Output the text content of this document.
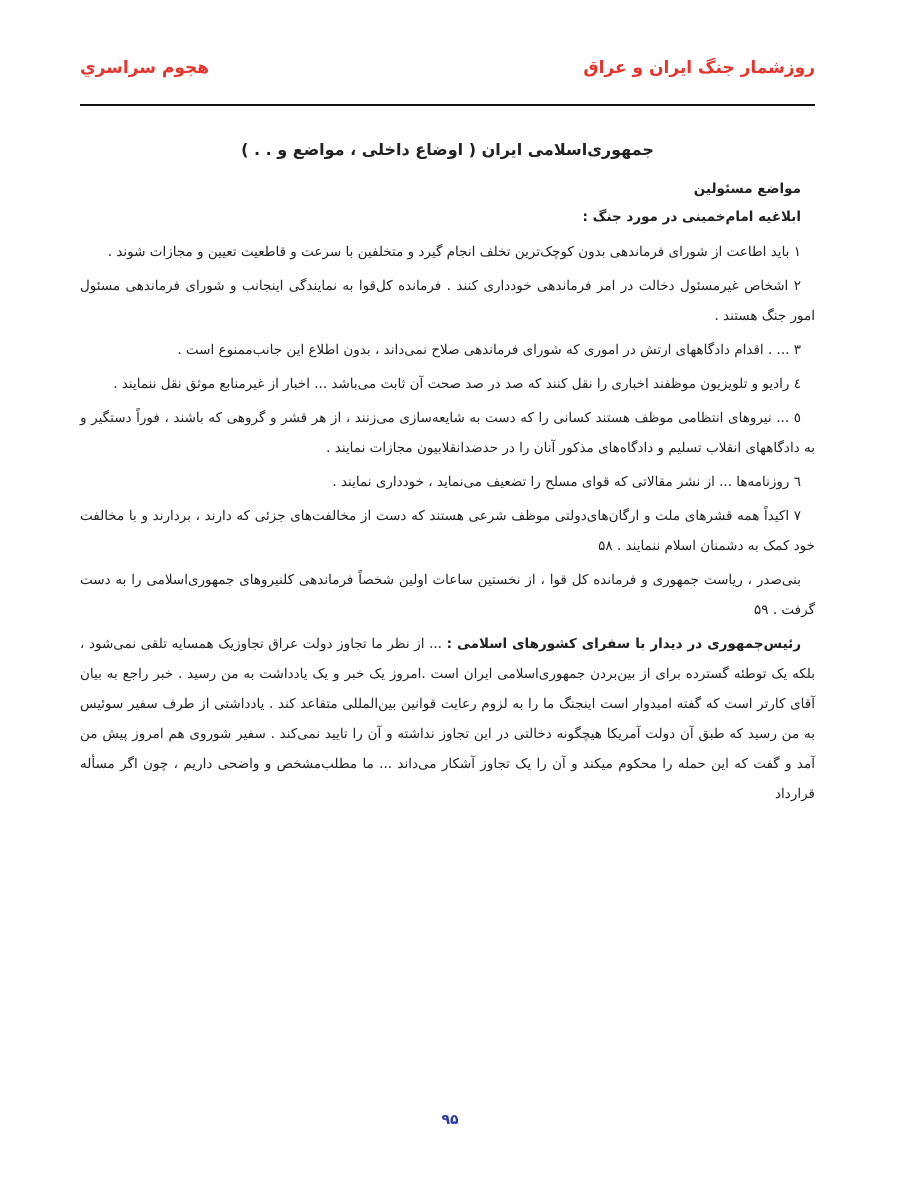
روزشمار جنگ ايران و عراق
هجوم سراسري
جمهوری‌اسلامی ایران ( اوضاع داخلی ، مواضع و . . )
مواضع مسئولین
ابلاغیه امام‌خمینی در مورد جنگ :

۱ باید اطاعت از شورای فرماندهی بدون کوچک‌ترین تخلف انجام گیرد و متخلفین با سرعت و قاطعیت تعیین و مجازات شوند .

۲ اشخاص غیرمسئول دخالت در امر فرماندهی خودداری کنند . فرمانده کل‌قوا به نمایندگی اینجانب و شورای فرماندهی مسئول امور جنگ هستند .

۳ ... . اقدام دادگاههای ارتش در اموری که شورای فرماندهی صلاح نمی‌داند ، بدون اطلاع این جانب‌ممنوع است .

٤ رادیو و تلویزیون موظفند اخباری را نقل کنند که صد در صد صحت آن ثابت می‌باشد ... اخبار از غیرمنابع موثق نقل ننمایند .

٥ ... نیروهای انتظامی موظف هستند کسانی را که دست به شایعه‌سازی می‌زنند ، از هر قشر و گروهی که باشند ، فوراً دستگیر و به دادگاههای انقلاب تسلیم و دادگاه‌های مذکور آنان را در حدضدانقلابیون مجازات نمایند .

٦ روزنامه‌ها ... از نشر مقالاتی که قوای مسلح را تضعیف می‌نماید ، خودداری نمایند .

۷ اکیداً همه قشرهای ملت و ارگان‌های‌دولتی موظف شرعی هستند که دست از مخالفت‌های جزئی که دارند ، بردارند و با مخالفت خود کمک به دشمنان اسلام ننمایند . ۵۸

بنی‌صدر ، ریاست جمهوری و فرمانده کل قوا ، از نخستین ساعات اولین شخصاً فرماندهی کلنیروهای جمهوری‌اسلامی را به دست گرفت . ۵۹

رئیس‌جمهوری در دیدار با سفرای کشورهای اسلامی : ... از نظر ما تجاوز دولت عراق تجاوزیک همسایه تلقی نمی‌شود ، بلکه یک توطئه گسترده برای از بین‌بردن جمهوری‌اسلامی ایران است .امروز یک خبر و یک یادداشت به من رسید . خبر راجع به بیان آقای کارتر است که گفته امیدوار است اینجنگ ما را به لزوم رعایت قوانین بین‌المللی متقاعد کند . یادداشتی از طرف سفیر سوئیس به من رسید که طبق آن دولت آمریکا هیچگونه دخالتی در این تجاوز نداشته و آن را تایید نمی‌کند . سفیر شوروی هم امروز پیش من آمد و گفت که این حمله را محکوم میکند و آن را یک تجاوز آشکار می‌داند ... ما مطلب‌مشخص و واضحی داریم ، چون اگر مسأله قرارداد

۹۵
